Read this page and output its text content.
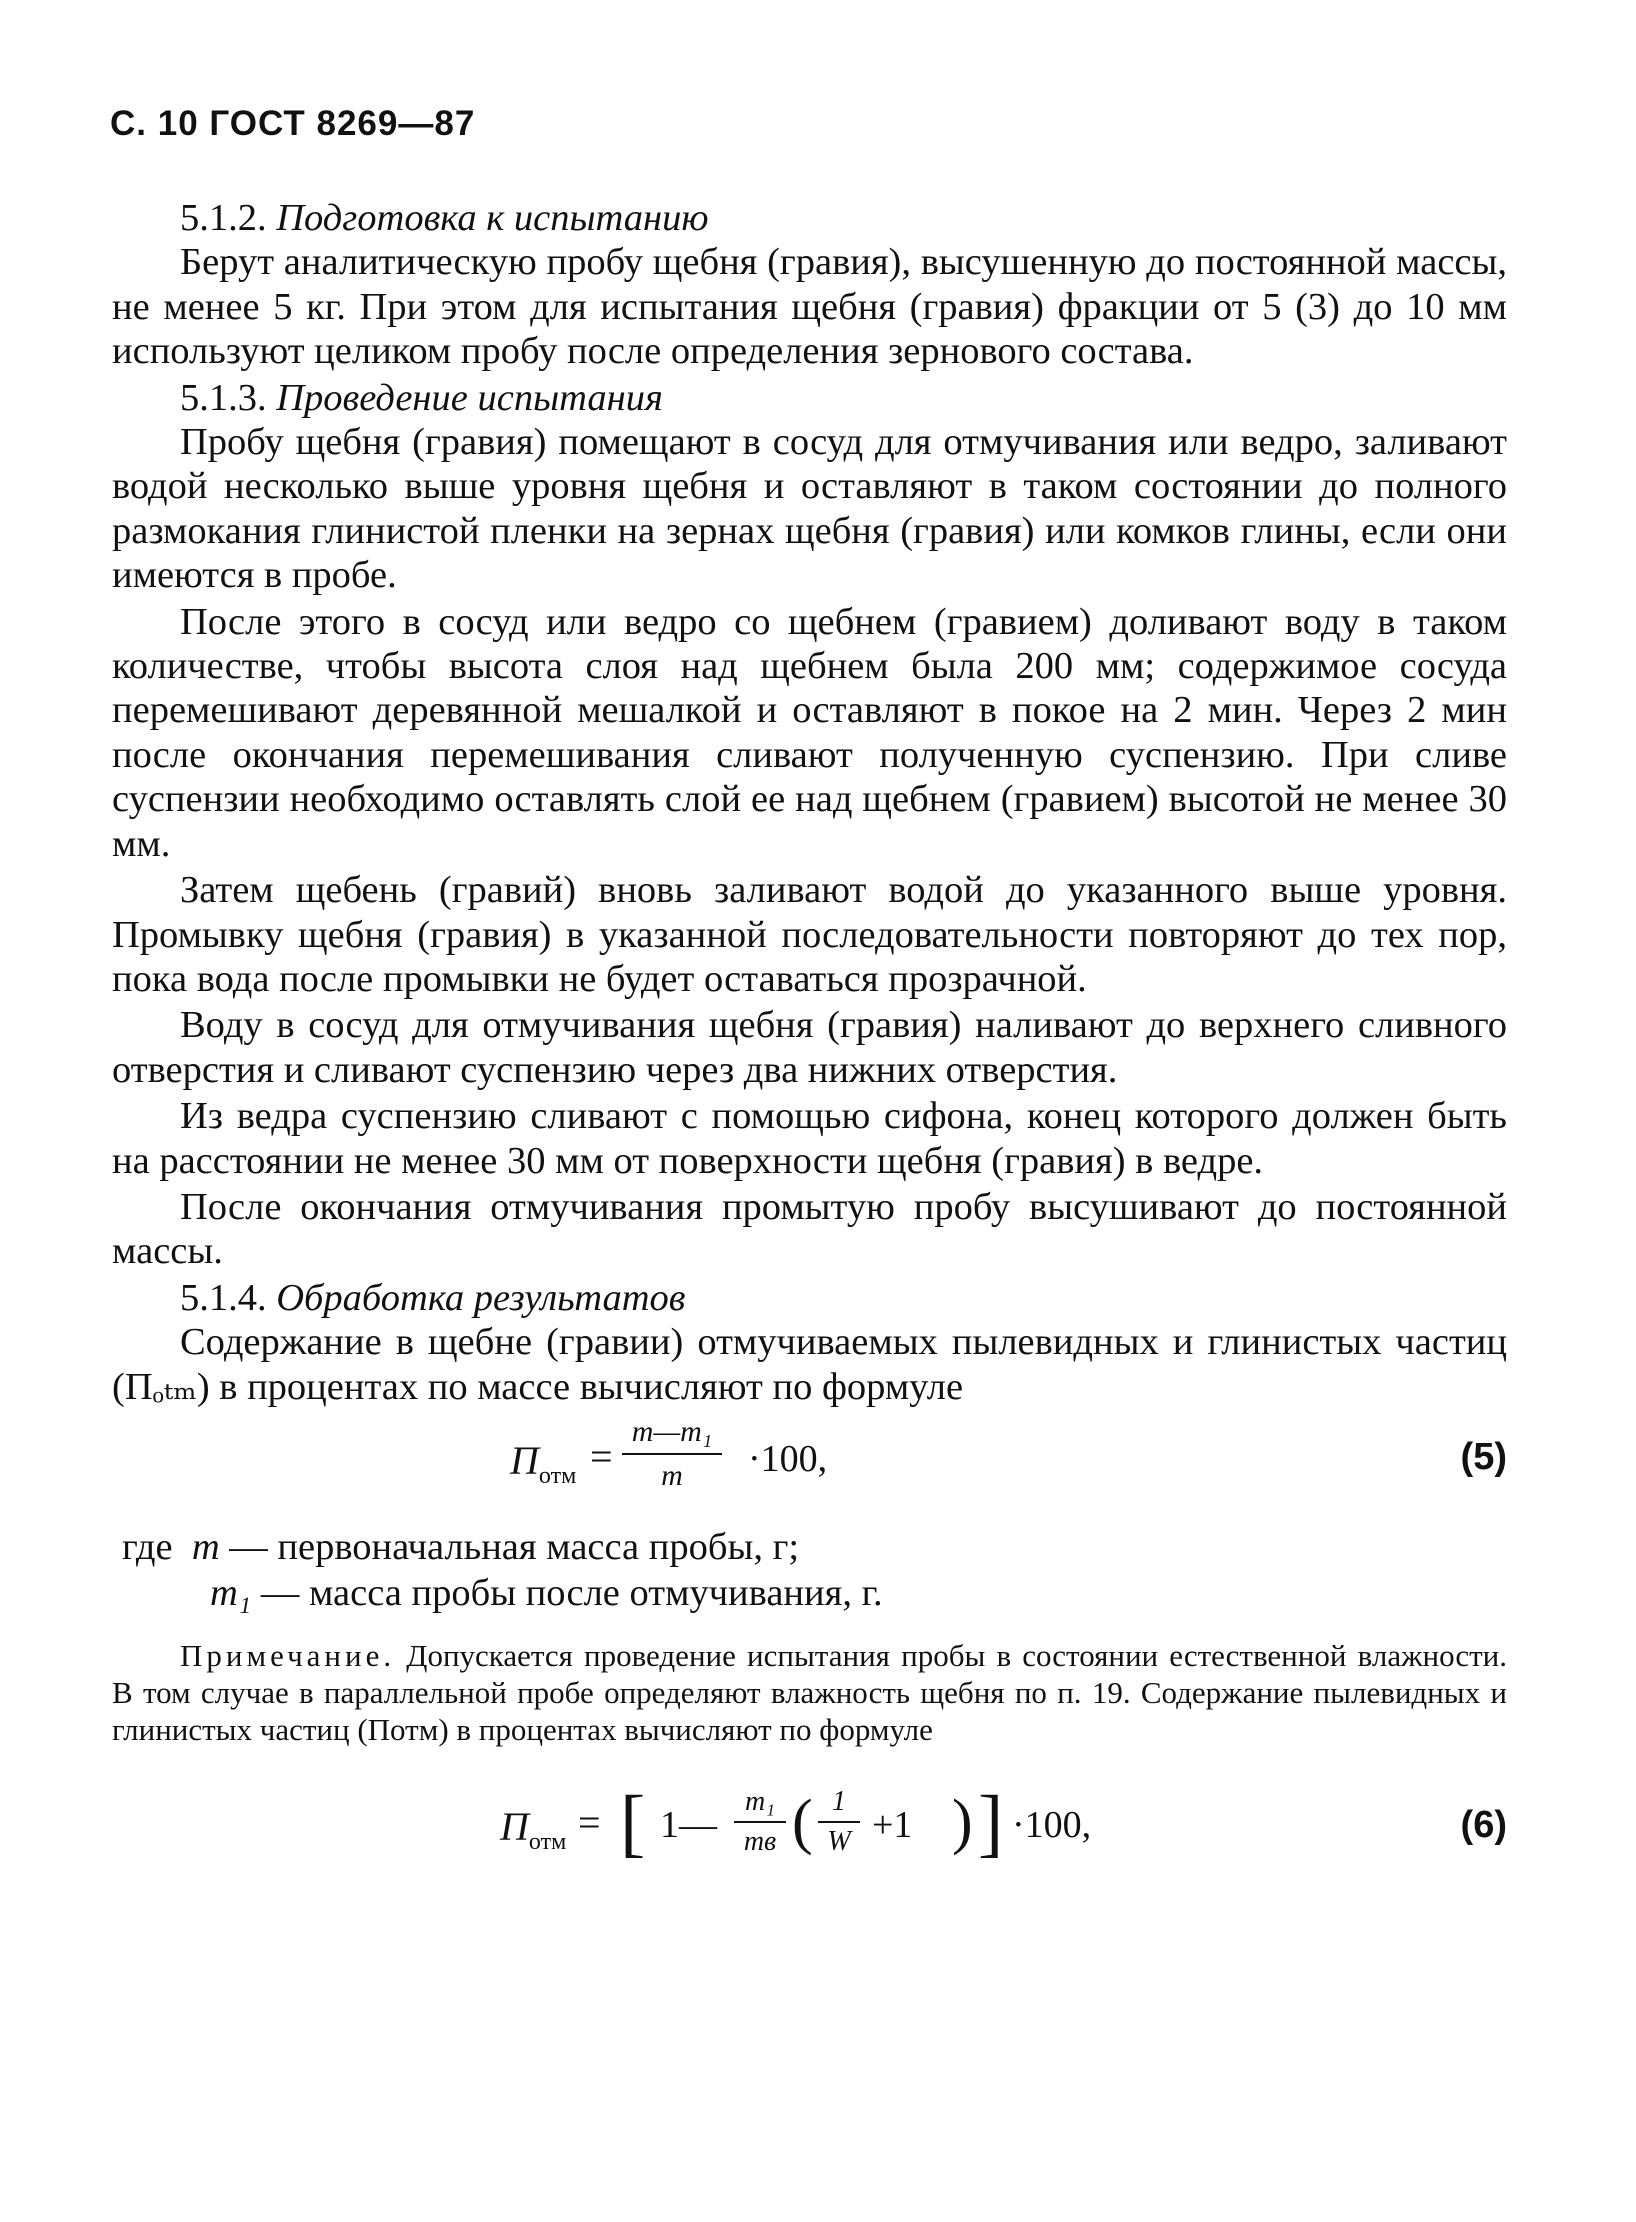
С. 10 ГОСТ 8269—87

5.1.2. Подготовка к испытанию

Берут аналитическую пробу щебня (гравия), высушенную до постоянной массы, не менее 5 кг. При этом для испытания щебня (гравия) фракции от 5 (3) до 10 мм используют целиком пробу после определения зернового состава.

5.1.3. Проведение испытания

Пробу щебня (гравия) помещают в сосуд для отмучивания или ведро, заливают водой несколько выше уровня щебня и оставляют в таком состоянии до полного размокания глинистой пленки на зернах щебня (гравия) или комков глины, если они имеются в пробе.

После этого в сосуд или ведро со щебнем (гравием) доливают воду в таком количестве, чтобы высота слоя над щебнем была 200 мм; содержимое сосуда перемешивают деревянной мешалкой и оставляют в покое на 2 мин. Через 2 мин после окончания перемешивания сливают полученную суспензию. При сливе суспензии необходимо оставлять слой ее над щебнем (гравием) высотой не менее 30 мм.

Затем щебень (гравий) вновь заливают водой до указанного выше уровня. Промывку щебня (гравия) в указанной последовательности повторяют до тех пор, пока вода после промывки не будет оставаться прозрачной.

Воду в сосуд для отмучивания щебня (гравия) наливают до верхнего сливного отверстия и сливают суспензию через два нижних отверстия.

Из ведра суспензию сливают с помощью сифона, конец которого должен быть на расстоянии не менее 30 мм от поверхности щебня (гравия) в ведре.

После окончания отмучивания промытую пробу высушивают до постоянной массы.

5.1.4. Обработка результатов

Содержание в щебне (гравии) отмучиваемых пылевидных и глинистых частиц (Пₒₜₘ) в процентах по массе вычисляют по формуле

$П_{отм}$ =
m—m₁
m	·100,	(5)
где m — первоначальная масса пробы, г;
m₁ — масса пробы после отмучивания, г.

Примечание. Допускается проведение испытания пробы в состоянии естественной влажности. В том случае в параллельной пробе определяют влажность щебня по п. 19. Содержание пылевидных и глинистых частиц (Потм) в процентах вычисляют по формуле

$П_{отм}$ = [ 1—
m₁
mв ( 1
W +1 ) ] ·100,	(6)
